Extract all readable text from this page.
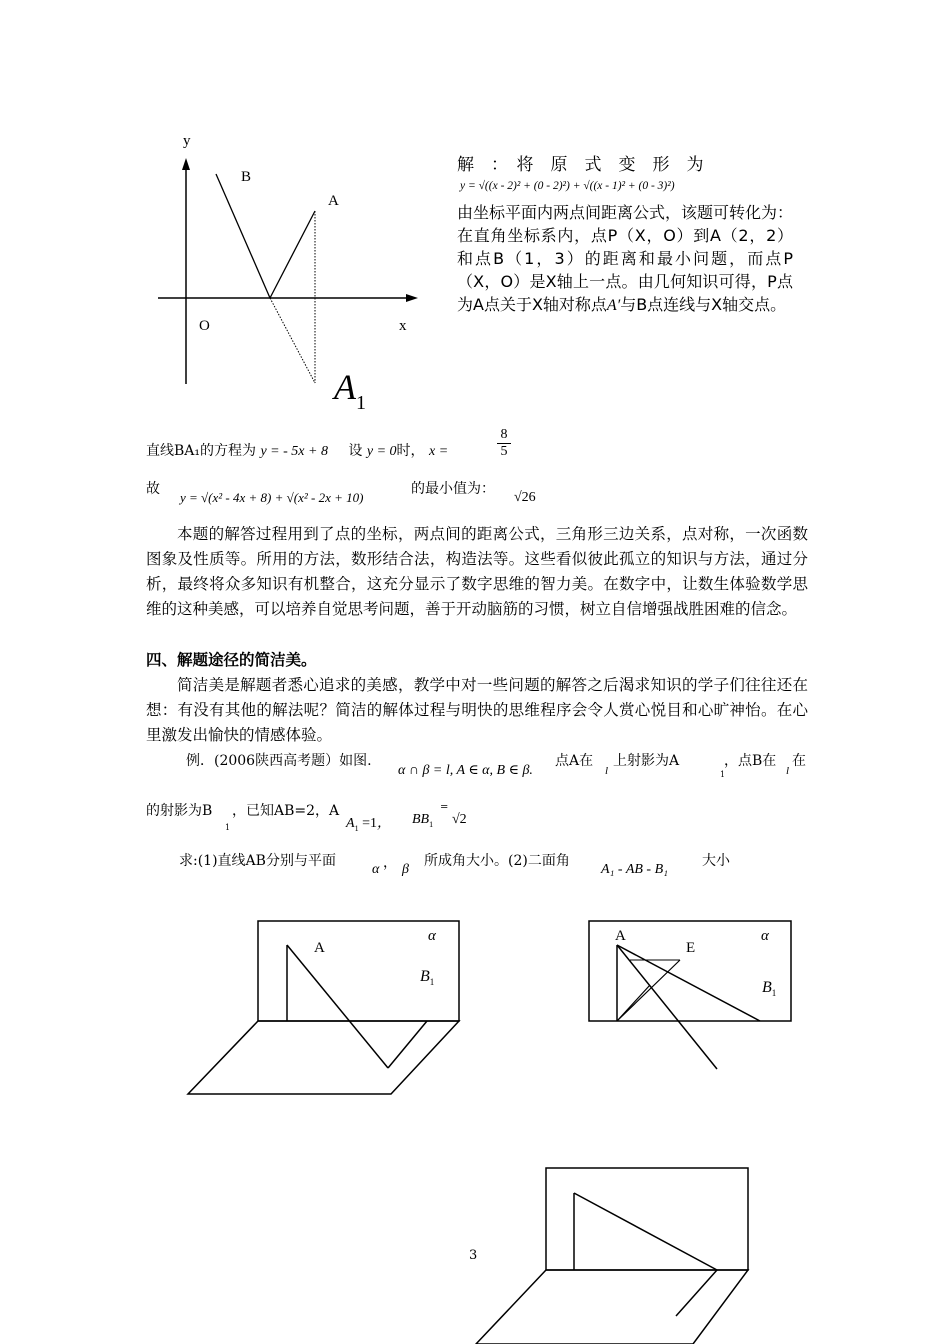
y
x
O
B
A
$A_1$
解　：　将　原　式　变　形　为
y = √((x - 2)² + (0 - 2)²) + √((x - 1)² + (0 - 3)²)
由坐标平面内两点间距离公式，该题可转化为：在直角坐标系内，点P（X，O）到A（2，2）和点B（1，3）的距离和最小问题，而点P（X，O）是X轴上一点。由几何知识可得，P点为A点关于X轴对称点A′与B点连线与X轴交点。
直线BA₁的方程为 y = - 5x + 8 设 y = 0时， x =
8
5
故
y = √(x² - 4x + 8) + √(x² - 2x + 10)
的最小值为：
√26
本题的解答过程用到了点的坐标，两点间的距离公式，三角形三边关系，点对称，一次函数图象及性质等。所用的方法，数形结合法，构造法等。这些看似彼此孤立的知识与方法，通过分析，最终将众多知识有机整合，这充分显示了数字思维的智力美。在数字中，让数生体验数学思维的这种美感，可以培养自觉思考问题，善于开动脑筋的习惯，树立自信增强战胜困难的信念。
四、解题途径的简洁美。
简洁美是解题者悉心追求的美感，教学中对一些问题的解答之后渴求知识的学子们往往还在想：有没有其他的解法呢？简洁的解体过程与明快的思维程序会令人赏心悦目和心旷神怡。在心里激发出愉快的情感体验。
例．(2006陕西高考题）如图.
α ∩ β = l, A ∈ α, B ∈ β.
点A在
l
上射影为A
1
，点B在
l
在
的射影为B
1
，已知AB=2，A
$A_1 =1$， $BB_1$
=
√2
求:(1)直线AB分别与平面
α ， β
所成角大小。(2)二面角
A₁ - AB - B₁
大小
A
α
$B_1$
A
E
α
$B_1$
3
